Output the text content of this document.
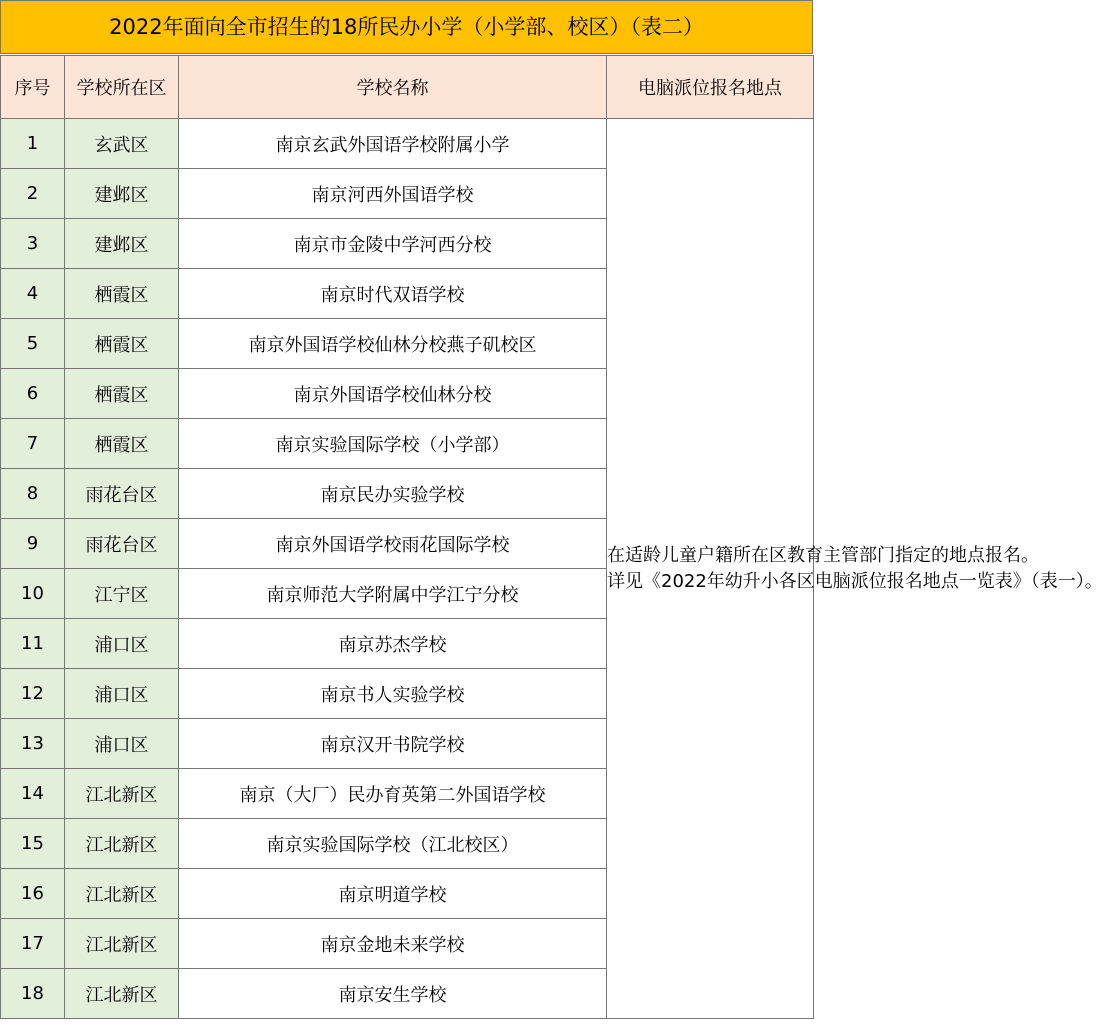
2022年面向全市招生的18所民办小学（小学部、校区）（表二）
序号	学校所在区	学校名称	电脑派位报名地点
1	玄武区	南京玄武外国语学校附属小学	在适龄儿童户籍所在区教育主管部门指定的地点报名。
详见《2022年幼升小各区电脑派位报名地点一览表》（表一）。

2	建邺区	南京河西外国语学校	
3	建邺区	南京市金陵中学河西分校	
4	栖霞区	南京时代双语学校	
5	栖霞区	南京外国语学校仙林分校燕子矶校区	
6	栖霞区	南京外国语学校仙林分校	
7	栖霞区	南京实验国际学校（小学部）	
8	雨花台区	南京民办实验学校	
9	雨花台区	南京外国语学校雨花国际学校	
10	江宁区	南京师范大学附属中学江宁分校	
11	浦口区	南京苏杰学校	
12	浦口区	南京书人实验学校	
13	浦口区	南京汉开书院学校	
14	江北新区	南京（大厂）民办育英第二外国语学校	
15	江北新区	南京实验国际学校（江北校区）	
16	江北新区	南京明道学校	
17	江北新区	南京金地未来学校	
18	江北新区	南京安生学校	
